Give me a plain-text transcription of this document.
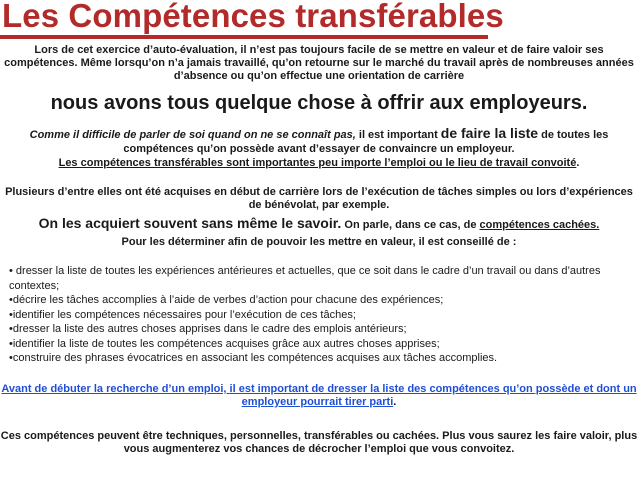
Les Compétences transférables
Lors de cet exercice d’auto-évaluation, il n’est pas toujours facile de se mettre en valeur et de faire valoir ses compétences. Même lorsqu’on n’a jamais travaillé, qu’on retourne sur le marché du travail après de nombreuses années d’absence ou qu’on effectue une orientation de carrière
nous avons tous quelque chose à offrir aux employeurs.
Comme il difficile de parler de soi quand on ne se connaît pas, il est important de faire la liste de toutes les compétences qu’on possède avant d’essayer de convaincre un employeur.
Les compétences transférables sont importantes peu importe l’emploi ou le lieu de travail convoité.
Plusieurs d’entre elles ont été acquises en début de carrière lors de l’exécution de tâches simples ou lors d’expériences de bénévolat, par exemple.
On les acquiert souvent sans même le savoir. On parle, dans ce cas, de compétences cachées.
Pour les déterminer afin de pouvoir les mettre en valeur, il est conseillé de :
• dresser la liste de toutes les expériences antérieures et actuelles, que ce soit dans le cadre d’un travail ou dans d’autres contextes;
•décrire les tâches accomplies à l’aide de verbes d’action pour chacune des expériences;
•identifier les compétences nécessaires pour l’exécution de ces tâches;
•dresser la liste des autres choses apprises dans le cadre des emplois antérieurs;
•identifier la liste de toutes les compétences acquises grâce aux autres choses apprises;
•construire des phrases évocatrices en associant les compétences acquises aux tâches accomplies.
Avant de débuter la recherche d’un emploi, il est important de dresser la liste des compétences qu’on possède et dont un employeur pourrait tirer parti.
Ces compétences peuvent être techniques, personnelles, transférables ou cachées. Plus vous saurez les faire valoir, plus vous augmenterez vos chances de décrocher l’emploi que vous convoitez.
